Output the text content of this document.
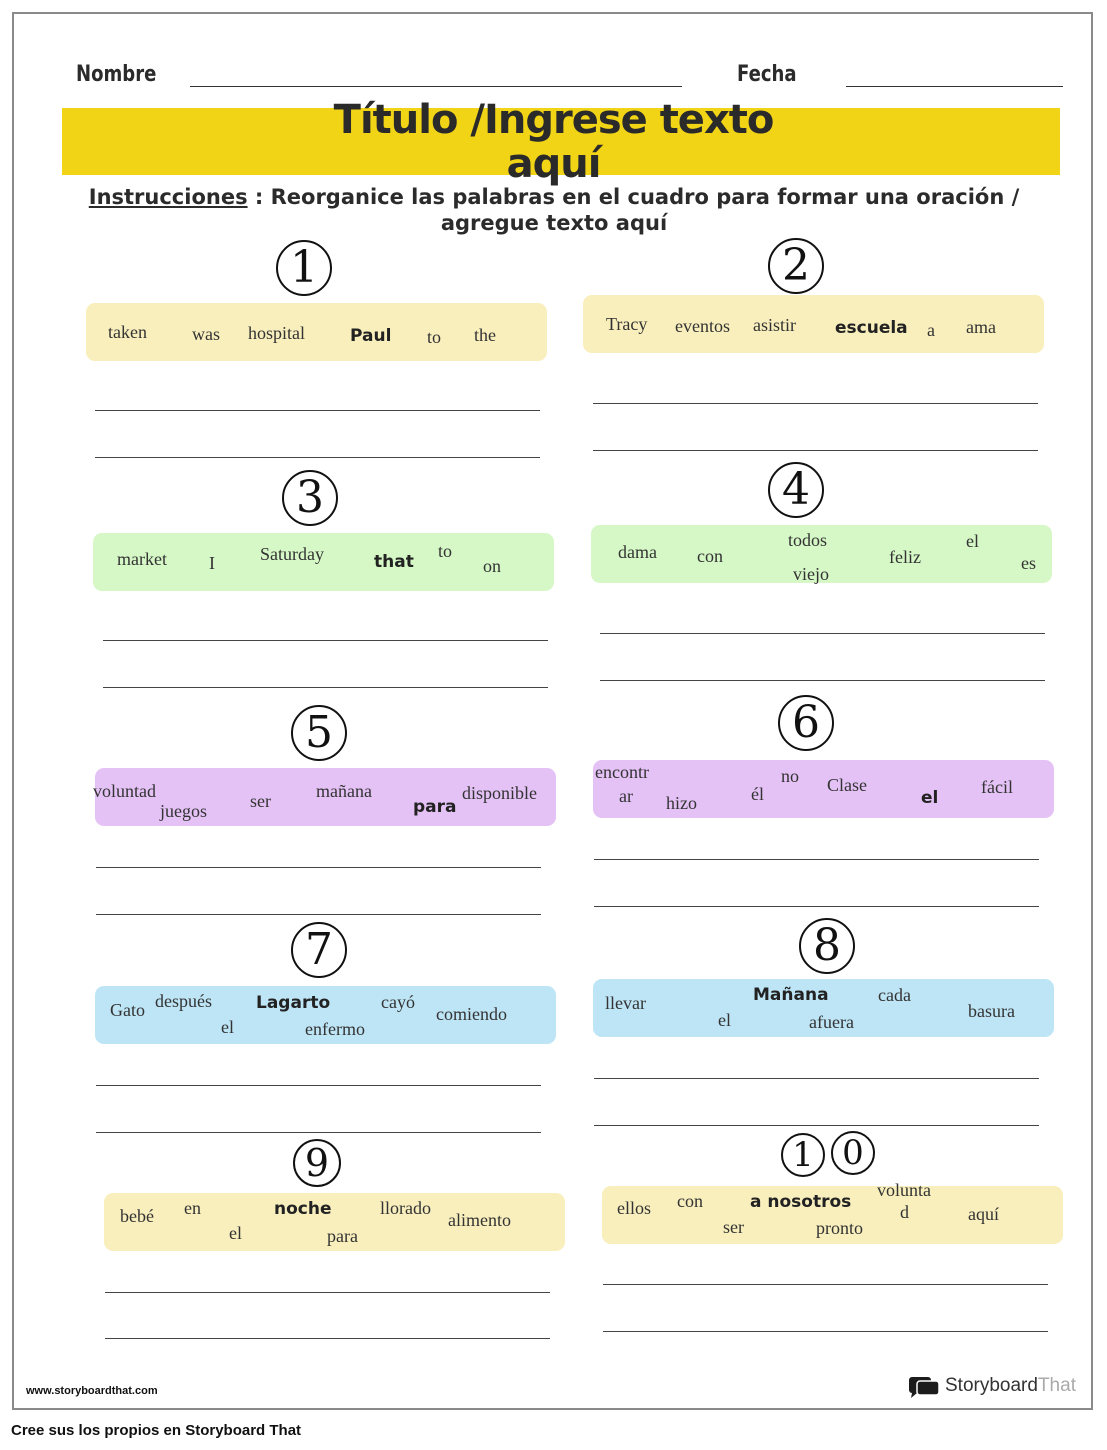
Nombre	Fecha
Título /Ingrese texto
aquí
Instrucciones : Reorganice las palabras en el cuadro para formar una oración / agregue texto aquí
1
taken	was hospital	Paul to the
2
Tracy eventos asistir escuela a ama
3
market I	Saturday	that
to
on
4
dama con
todos
viejo
feliz
el
es
5
voluntad
juegos ser	mañana
para
disponible
6
encontr
ar hizo	él
no Clase
el
fácil
7
Gato después
el
Lagarto
enfermo
cayó
comiendo
8
llevar
el
Mañana
afuera
cada
basura
9
bebé en
el
noche
para
llorado
alimento
1 0
ellos con
ser
a nosotros
pronto
volunta
d	aquí
www.storyboardthat.com	StoryboardThat
Cree sus los propios en Storyboard That
